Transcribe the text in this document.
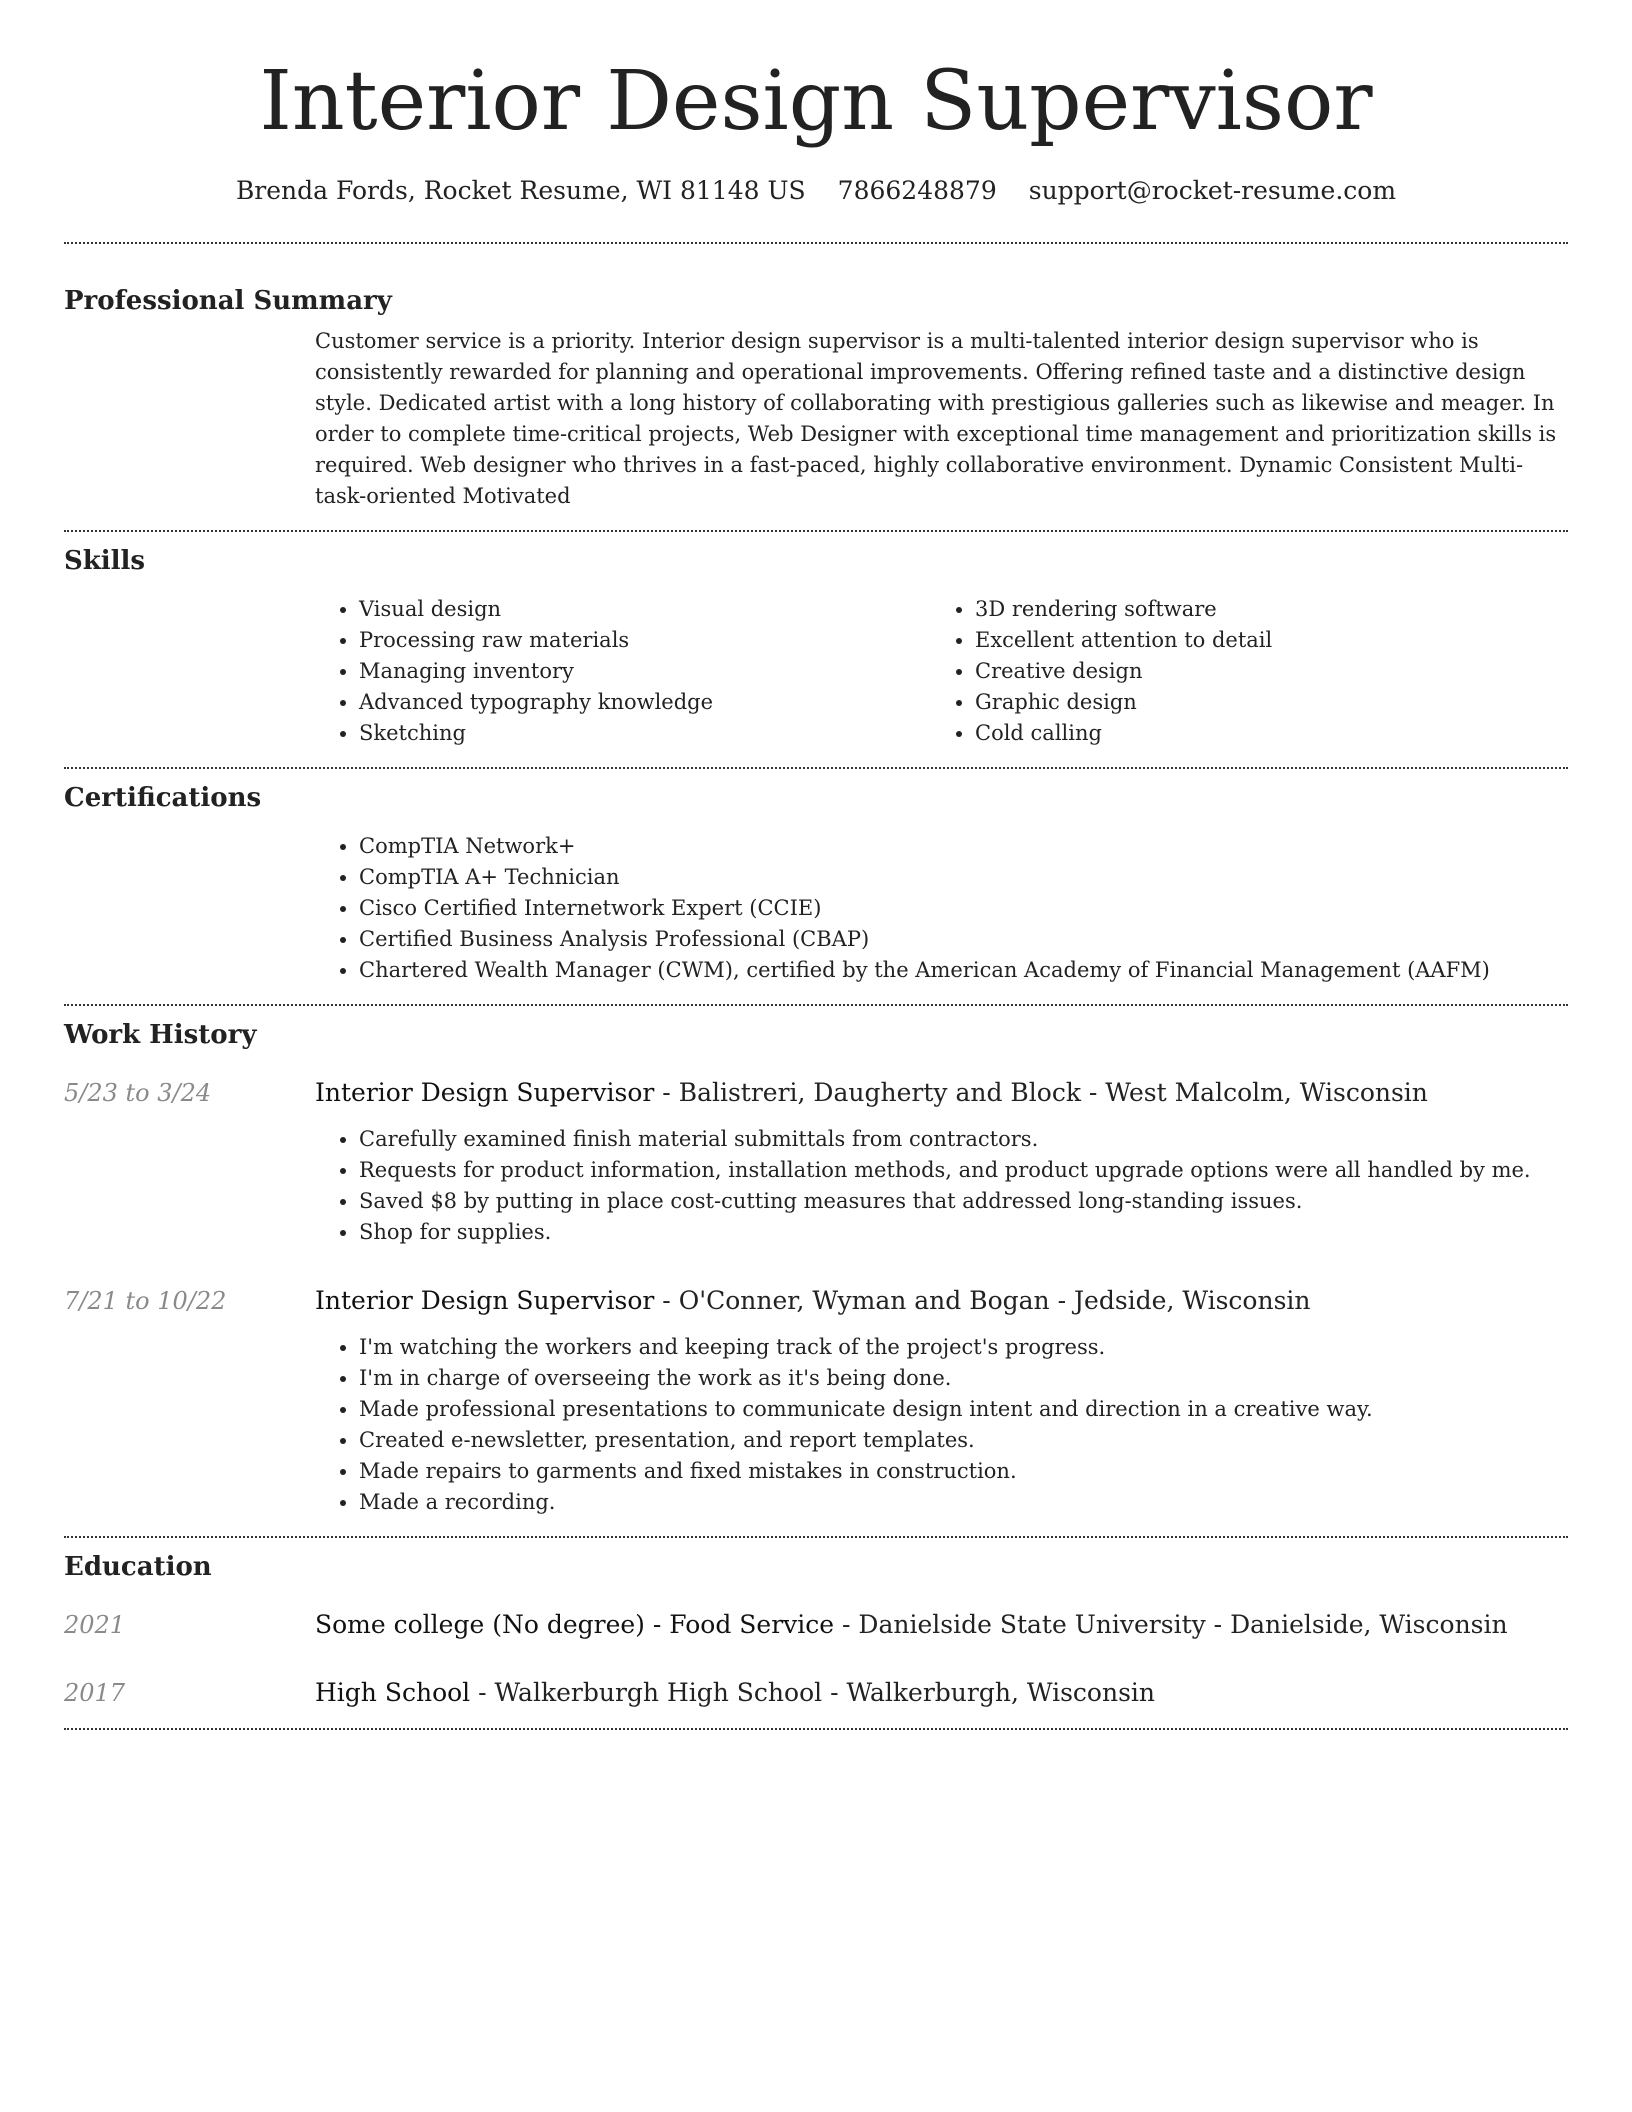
Interior Design Supervisor
Brenda Fords, Rocket Resume, WI 81148 US 7866248879 support@rocket-resume.com
Professional Summary

Customer service is a priority. Interior design supervisor is a multi-talented interior design supervisor who is consistently rewarded for planning and operational improvements. Offering refined taste and a distinctive design style. Dedicated artist with a long history of collaborating with prestigious galleries such as likewise and meager. In order to complete time-critical projects, Web Designer with exceptional time management and prioritization skills is required. Web designer who thrives in a fast-paced, highly collaborative environment. Dynamic Consistent Multi-task-oriented Motivated

Skills
• Visual design
• Processing raw materials
• Managing inventory
• Advanced typography knowledge
• Sketching
• 3D rendering software
• Excellent attention to detail
• Creative design
• Graphic design
• Cold calling
Certifications
• CompTIA Network+
• CompTIA A+ Technician
• Cisco Certified Internetwork Expert (CCIE)
• Certified Business Analysis Professional (CBAP)
• Chartered Wealth Manager (CWM), certified by the American Academy of Financial Management (AAFM)
Work History
5/23 to 3/24	Interior Design Supervisor - Balistreri, Daugherty and Block - West Malcolm, Wisconsin

• Carefully examined finish material submittals from contractors.
• Requests for product information, installation methods, and product upgrade options were all handled by me.
• Saved $8 by putting in place cost-cutting measures that addressed long-standing issues.
• Shop for supplies.
7/21 to 10/22	Interior Design Supervisor - O'Conner, Wyman and Bogan - Jedside, Wisconsin

• I'm watching the workers and keeping track of the project's progress.
• I'm in charge of overseeing the work as it's being done.
• Made professional presentations to communicate design intent and direction in a creative way.
• Created e-newsletter, presentation, and report templates.
• Made repairs to garments and fixed mistakes in construction.
• Made a recording.
Education
2021	Some college (No degree) - Food Service - Danielside State University - Danielside, Wisconsin

2017	High School - Walkerburgh High School - Walkerburgh, Wisconsin
